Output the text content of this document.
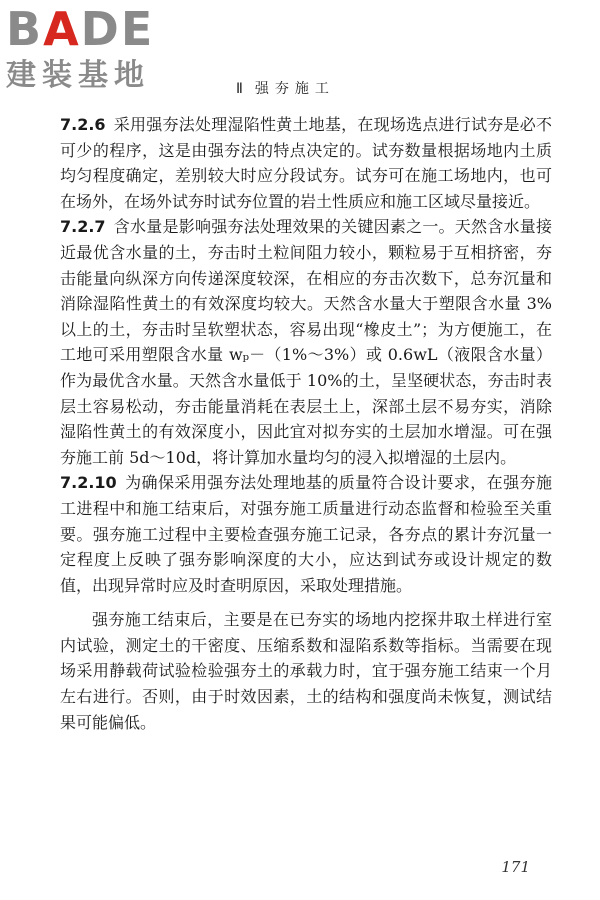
BADE
建装基地	Ⅱ 强夯施工

7.2.6 采用强夯法处理湿陷性黄土地基，在现场选点进行试夯是必不可少的程序，这是由强夯法的特点决定的。试夯数量根据场地内土质均匀程度确定，差别较大时应分段试夯。试夯可在施工场地内，也可在场外，在场外试夯时试夯位置的岩土性质应和施工区域尽量接近。

7.2.7 含水量是影响强夯法处理效果的关键因素之一。天然含水量接近最优含水量的土，夯击时土粒间阻力较小，颗粒易于互相挤密，夯击能量向纵深方向传递深度较深，在相应的夯击次数下，总夯沉量和消除湿陷性黄土的有效深度均较大。天然含水量大于塑限含水量 3%以上的土，夯击时呈软塑状态，容易出现“橡皮土”；为方便施工，在工地可采用塑限含水量 wₚ－（1%～3%）或 0.6wL（液限含水量）作为最优含水量。天然含水量低于 10%的土，呈坚硬状态，夯击时表层土容易松动，夯击能量消耗在表层土上，深部土层不易夯实，消除湿陷性黄土的有效深度小，因此宜对拟夯实的土层加水增湿。可在强夯施工前 5d～10d，将计算加水量均匀的浸入拟增湿的土层内。

7.2.10 为确保采用强夯法处理地基的质量符合设计要求，在强夯施工进程中和施工结束后，对强夯施工质量进行动态监督和检验至关重要。强夯施工过程中主要检查强夯施工记录，各夯点的累计夯沉量一定程度上反映了强夯影响深度的大小，应达到试夯或设计规定的数值，出现异常时应及时查明原因，采取处理措施。

强夯施工结束后，主要是在已夯实的场地内挖探井取土样进行室内试验，测定土的干密度、压缩系数和湿陷系数等指标。当需要在现场采用静载荷试验检验强夯土的承载力时，宜于强夯施工结束一个月左右进行。否则，由于时效因素，土的结构和强度尚未恢复，测试结果可能偏低。

171
